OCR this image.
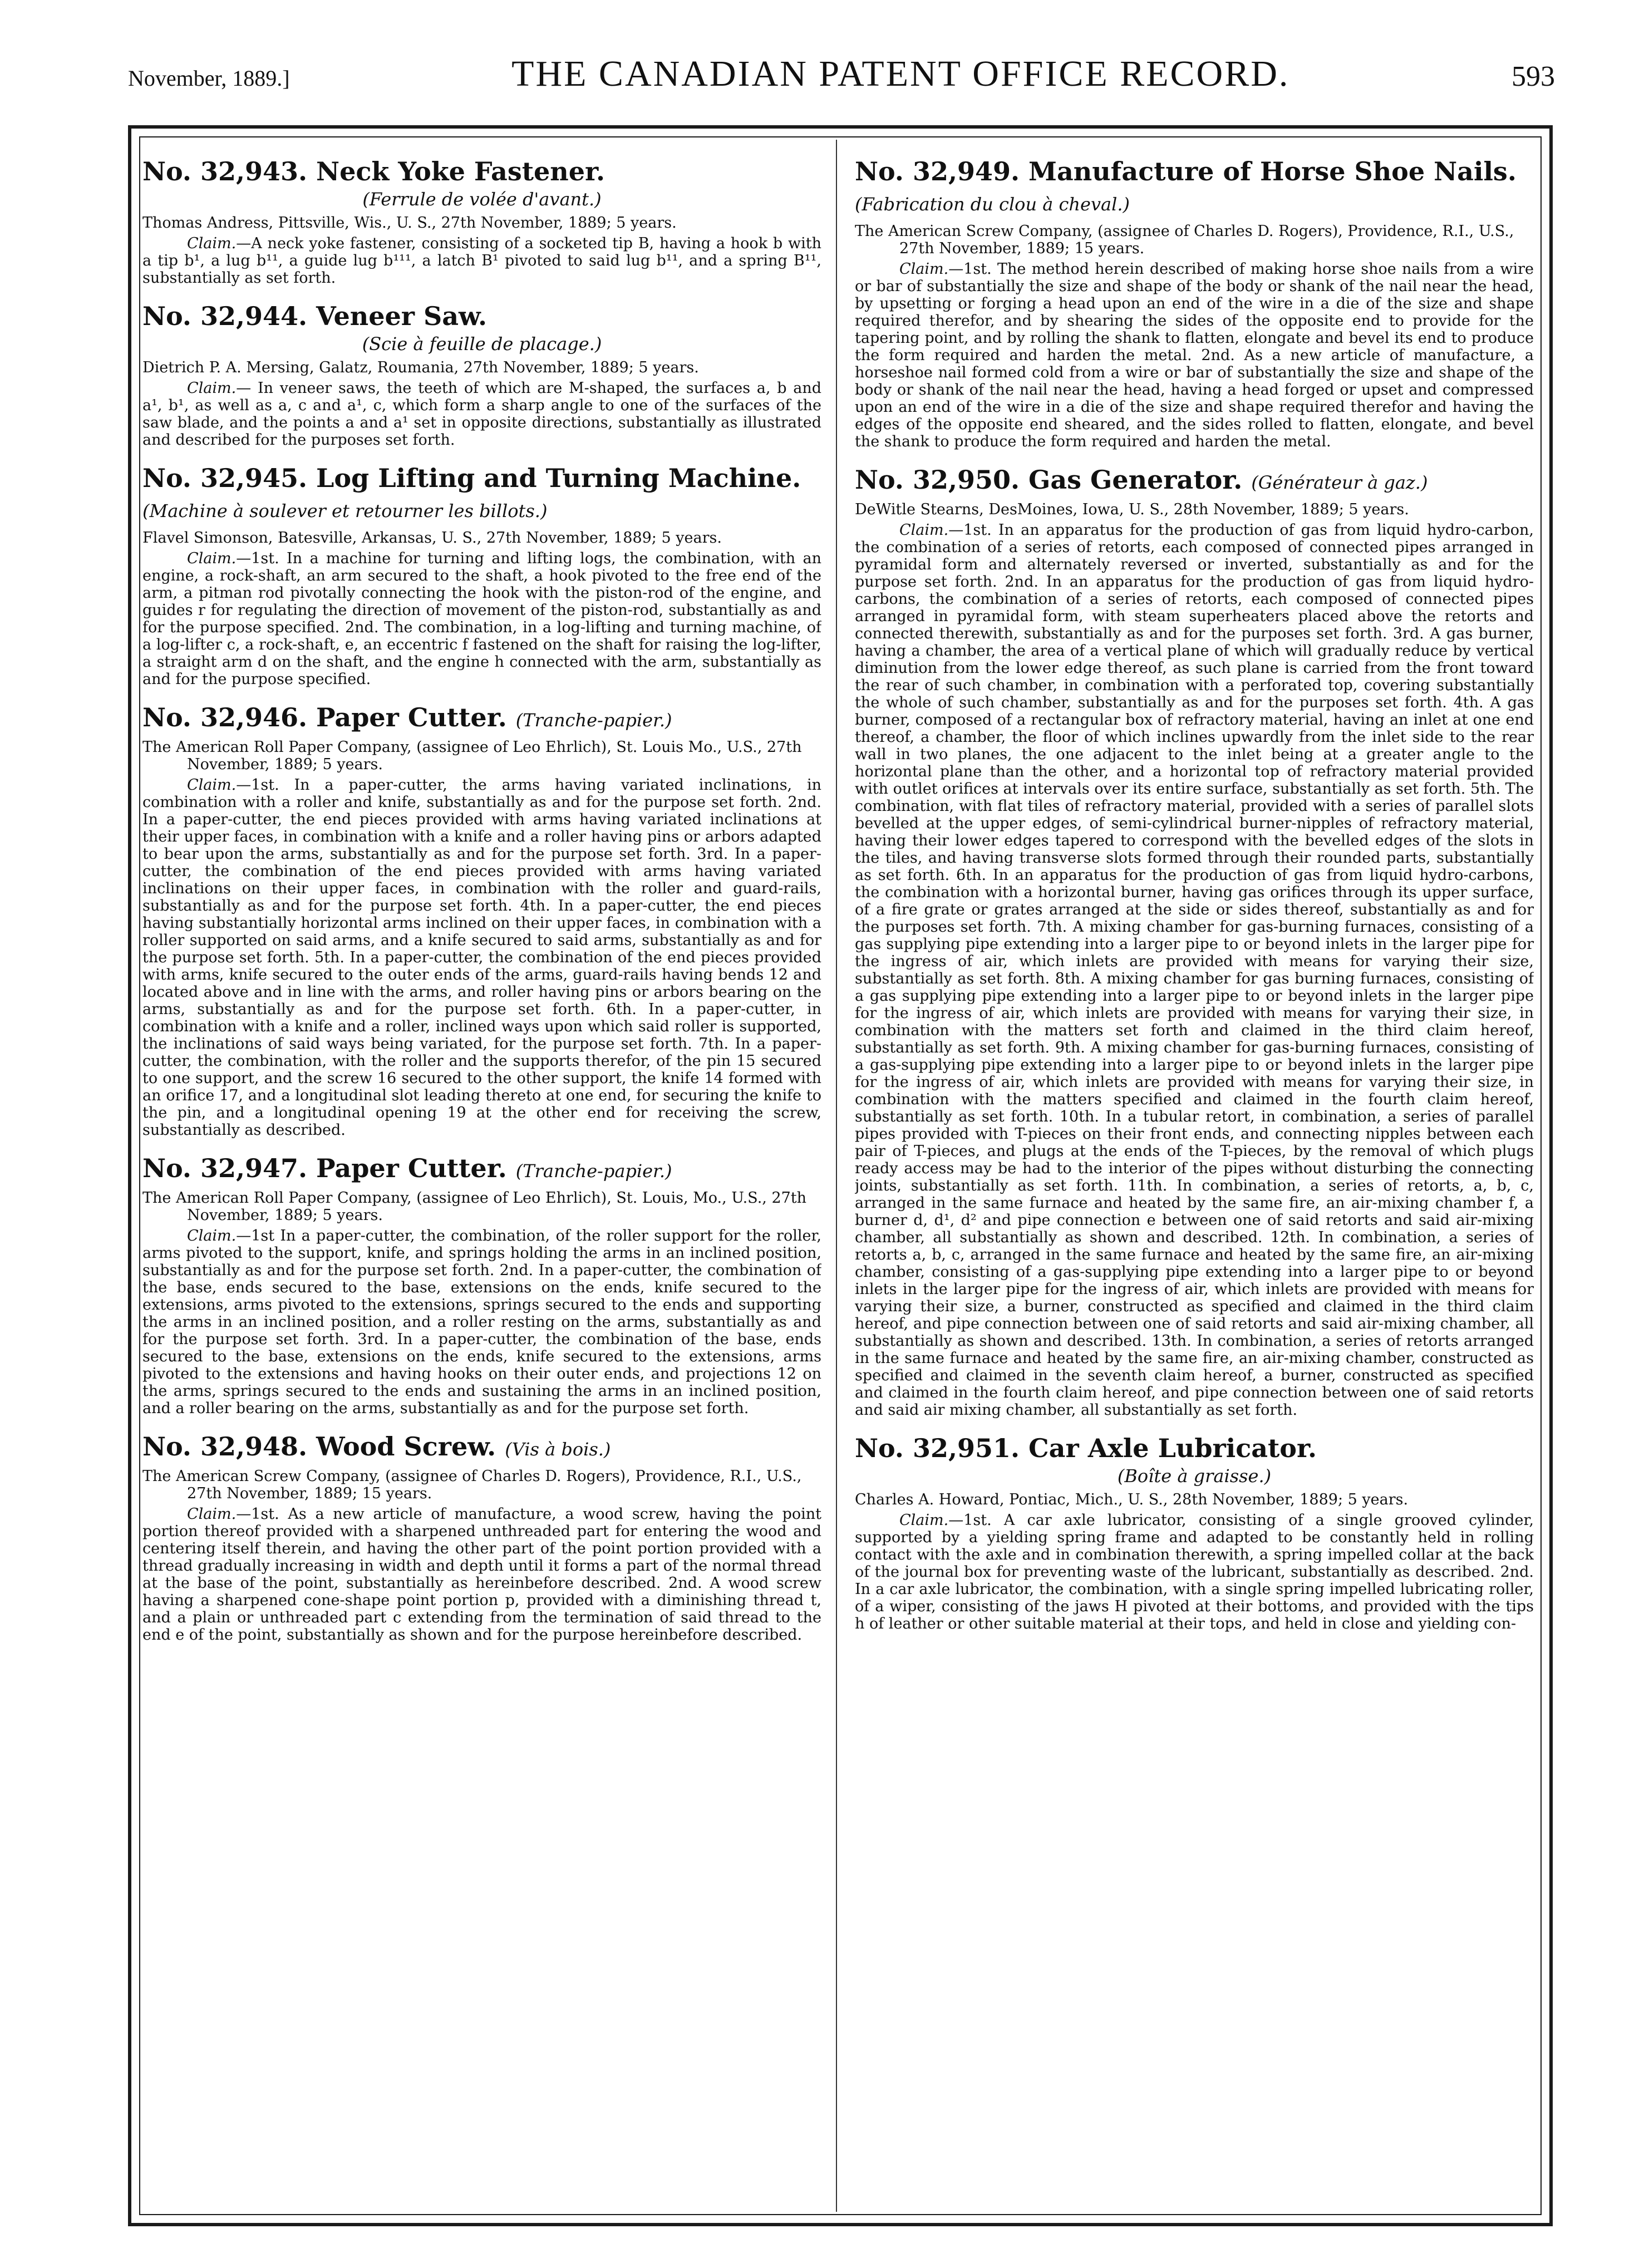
November, 1889.]	THE CANADIAN PATENT OFFICE RECORD.	593
No. 32,943. Neck Yoke Fastener.
(Ferrule de volée d'avant.)
Thomas Andress, Pittsville, Wis., U. S., 27th November, 1889; 5 years.

Claim.—A neck yoke fastener, consisting of a socketed tip B, having a hook b with a tip b¹, a lug b¹¹, a guide lug b¹¹¹, a latch B¹ pivoted to said lug b¹¹, and a spring B¹¹, substantially as set forth.

No. 32,944. Veneer Saw.
(Scie à feuille de placage.)
Dietrich P. A. Mersing, Galatz, Roumania, 27th November, 1889; 5 years.

Claim.— In veneer saws, the teeth of which are M-shaped, the surfaces a, b and a¹, b¹, as well as a, c and a¹, c, which form a sharp angle to one of the surfaces of the saw blade, and the points a and a¹ set in opposite directions, substantially as illustrated and described for the purposes set forth.

No. 32,945. Log Lifting and Turning Machine. (Machine à soulever et retourner les billots.)
Flavel Simonson, Batesville, Arkansas, U. S., 27th November, 1889; 5 years.

Claim.—1st. In a machine for turning and lifting logs, the combination, with an engine, a rock-shaft, an arm secured to the shaft, a hook pivoted to the free end of the arm, a pitman rod pivotally connecting the hook with the piston-rod of the engine, and guides r for regulating the direction of movement of the piston-rod, substantially as and for the purpose specified. 2nd. The combination, in a log-lifting and turning machine, of a log-lifter c, a rock-shaft, e, an eccentric f fastened on the shaft for raising the log-lifter, a straight arm d on the shaft, and the engine h connected with the arm, substantially as and for the purpose specified.

No. 32,946. Paper Cutter. (Tranche-papier.)
The American Roll Paper Company, (assignee of Leo Ehrlich), St. Louis Mo., U.S., 27th November, 1889; 5 years.

Claim.—1st. In a paper-cutter, the arms having variated inclinations, in combination with a roller and knife, substantially as and for the purpose set forth. 2nd. In a paper-cutter, the end pieces provided with arms having variated inclinations at their upper faces, in combination with a knife and a roller having pins or arbors adapted to bear upon the arms, substantially as and for the purpose set forth. 3rd. In a paper-cutter, the combination of the end pieces provided with arms having variated inclinations on their upper faces, in combination with the roller and guard-rails, substantially as and for the purpose set forth. 4th. In a paper-cutter, the end pieces having substantially horizontal arms inclined on their upper faces, in combination with a roller supported on said arms, and a knife secured to said arms, substantially as and for the purpose set forth. 5th. In a paper-cutter, the combination of the end pieces provided with arms, knife secured to the outer ends of the arms, guard-rails having bends 12 and located above and in line with the arms, and roller having pins or arbors bearing on the arms, substantially as and for the purpose set forth. 6th. In a paper-cutter, in combination with a knife and a roller, inclined ways upon which said roller is supported, the inclinations of said ways being variated, for the purpose set forth. 7th. In a paper-cutter, the combination, with the roller and the supports therefor, of the pin 15 secured to one support, and the screw 16 secured to the other support, the knife 14 formed with an orifice 17, and a longitudinal slot leading thereto at one end, for securing the knife to the pin, and a longitudinal opening 19 at the other end for receiving the screw, substantially as described.

No. 32,947. Paper Cutter. (Tranche-papier.)
The American Roll Paper Company, (assignee of Leo Ehrlich), St. Louis, Mo., U.S., 27th November, 1889; 5 years.

Claim.—1st In a paper-cutter, the combination, of the roller support for the roller, arms pivoted to the support, knife, and springs holding the arms in an inclined position, substantially as and for the purpose set forth. 2nd. In a paper-cutter, the combination of the base, ends secured to the base, extensions on the ends, knife secured to the extensions, arms pivoted to the extensions, springs secured to the ends and supporting the arms in an inclined position, and a roller resting on the arms, substantially as and for the purpose set forth. 3rd. In a paper-cutter, the combination of the base, ends secured to the base, extensions on the ends, knife secured to the extensions, arms pivoted to the extensions and having hooks on their outer ends, and projections 12 on the arms, springs secured to the ends and sustaining the arms in an inclined position, and a roller bearing on the arms, substantially as and for the purpose set forth.

No. 32,948. Wood Screw. (Vis à bois.)
The American Screw Company, (assignee of Charles D. Rogers), Providence, R.I., U.S., 27th November, 1889; 15 years.

Claim.—1st. As a new article of manufacture, a wood screw, having the point portion thereof provided with a sharpened unthreaded part for entering the wood and centering itself therein, and having the other part of the point portion provided with a thread gradually increasing in width and depth until it forms a part of the normal thread at the base of the point, substantially as hereinbefore described. 2nd. A wood screw having a sharpened cone-shape point portion p, provided with a diminishing thread t, and a plain or unthreaded part c extending from the termination of said thread to the end e of the point, substantially as shown and for the purpose hereinbefore described.

No. 32,949. Manufacture of Horse Shoe Nails. (Fabrication du clou à cheval.)
The American Screw Company, (assignee of Charles D. Rogers), Providence, R.I., U.S., 27th November, 1889; 15 years.

Claim.—1st. The method herein described of making horse shoe nails from a wire or bar of substantially the size and shape of the body or shank of the nail near the head, by upsetting or forging a head upon an end of the wire in a die of the size and shape required therefor, and by shearing the sides of the opposite end to provide for the tapering point, and by rolling the shank to flatten, elongate and bevel its end to produce the form required and harden the metal. 2nd. As a new article of manufacture, a horseshoe nail formed cold from a wire or bar of substantially the size and shape of the body or shank of the nail near the head, having a head forged or upset and compressed upon an end of the wire in a die of the size and shape required therefor and having the edges of the opposite end sheared, and the sides rolled to flatten, elongate, and bevel the shank to produce the form required and harden the metal.

No. 32,950. Gas Generator. (Générateur à gaz.)
DeWitle Stearns, DesMoines, Iowa, U. S., 28th November, 1889; 5 years.

Claim.—1st. In an apparatus for the production of gas from liquid hydro-carbon, the combination of a series of retorts, each composed of connected pipes arranged in pyramidal form and alternately reversed or inverted, substantially as and for the purpose set forth. 2nd. In an apparatus for the production of gas from liquid hydro-carbons, the combination of a series of retorts, each composed of connected pipes arranged in pyramidal form, with steam superheaters placed above the retorts and connected therewith, substantially as and for the purposes set forth. 3rd. A gas burner, having a chamber, the area of a vertical plane of which will gradually reduce by vertical diminution from the lower edge thereof, as such plane is carried from the front toward the rear of such chamber, in combination with a perforated top, covering substantially the whole of such chamber, substantially as and for the purposes set forth. 4th. A gas burner, composed of a rectangular box of refractory material, having an inlet at one end thereof, a chamber, the floor of which inclines upwardly from the inlet side to the rear wall in two planes, the one adjacent to the inlet being at a greater angle to the horizontal plane than the other, and a horizontal top of refractory material provided with outlet orifices at intervals over its entire surface, substantially as set forth. 5th. The combination, with flat tiles of refractory material, provided with a series of parallel slots bevelled at the upper edges, of semi-cylindrical burner-nipples of refractory material, having their lower edges tapered to correspond with the bevelled edges of the slots in the tiles, and having transverse slots formed through their rounded parts, substantially as set forth. 6th. In an apparatus for the production of gas from liquid hydro-carbons, the combination with a horizontal burner, having gas orifices through its upper surface, of a fire grate or grates arranged at the side or sides thereof, substantially as and for the purposes set forth. 7th. A mixing chamber for gas-burning furnaces, consisting of a gas supplying pipe extending into a larger pipe to or beyond inlets in the larger pipe for the ingress of air, which inlets are provided with means for varying their size, substantially as set forth. 8th. A mixing chamber for gas burning furnaces, consisting of a gas supplying pipe extending into a larger pipe to or beyond inlets in the larger pipe for the ingress of air, which inlets are provided with means for varying their size, in combination with the matters set forth and claimed in the third claim hereof, substantially as set forth. 9th. A mixing chamber for gas-burning furnaces, consisting of a gas-supplying pipe extending into a larger pipe to or beyond inlets in the larger pipe for the ingress of air, which inlets are provided with means for varying their size, in combination with the matters specified and claimed in the fourth claim hereof, substantially as set forth. 10th. In a tubular retort, in combination, a series of parallel pipes provided with T-pieces on their front ends, and connecting nipples between each pair of T-pieces, and plugs at the ends of the T-pieces, by the removal of which plugs ready access may be had to the interior of the pipes without disturbing the connecting joints, substantially as set forth. 11th. In combination, a series of retorts, a, b, c, arranged in the same furnace and heated by the same fire, an air-mixing chamber f, a burner d, d¹, d² and pipe connection e between one of said retorts and said air-mixing chamber, all substantially as shown and described. 12th. In combination, a series of retorts a, b, c, arranged in the same furnace and heated by the same fire, an air-mixing chamber, consisting of a gas-supplying pipe extending into a larger pipe to or beyond inlets in the larger pipe for the ingress of air, which inlets are provided with means for varying their size, a burner, constructed as specified and claimed in the third claim hereof, and pipe connection between one of said retorts and said air-mixing chamber, all substantially as shown and described. 13th. In combination, a series of retorts arranged in the same furnace and heated by the same fire, an air-mixing chamber, constructed as specified and claimed in the seventh claim hereof, a burner, constructed as specified and claimed in the fourth claim hereof, and pipe connection between one of said retorts and said air mixing chamber, all substantially as set forth.

No. 32,951. Car Axle Lubricator.
(Boîte à graisse.)
Charles A. Howard, Pontiac, Mich., U. S., 28th November, 1889; 5 years.

Claim.—1st. A car axle lubricator, consisting of a single grooved cylinder, supported by a yielding spring frame and adapted to be constantly held in rolling contact with the axle and in combination therewith, a spring impelled collar at the back of the journal box for preventing waste of the lubricant, substantially as described. 2nd. In a car axle lubricator, the combination, with a single spring impelled lubricating roller, of a wiper, consisting of the jaws H pivoted at their bottoms, and provided with the tips h of leather or other suitable material at their tops, and held in close and yielding con-
